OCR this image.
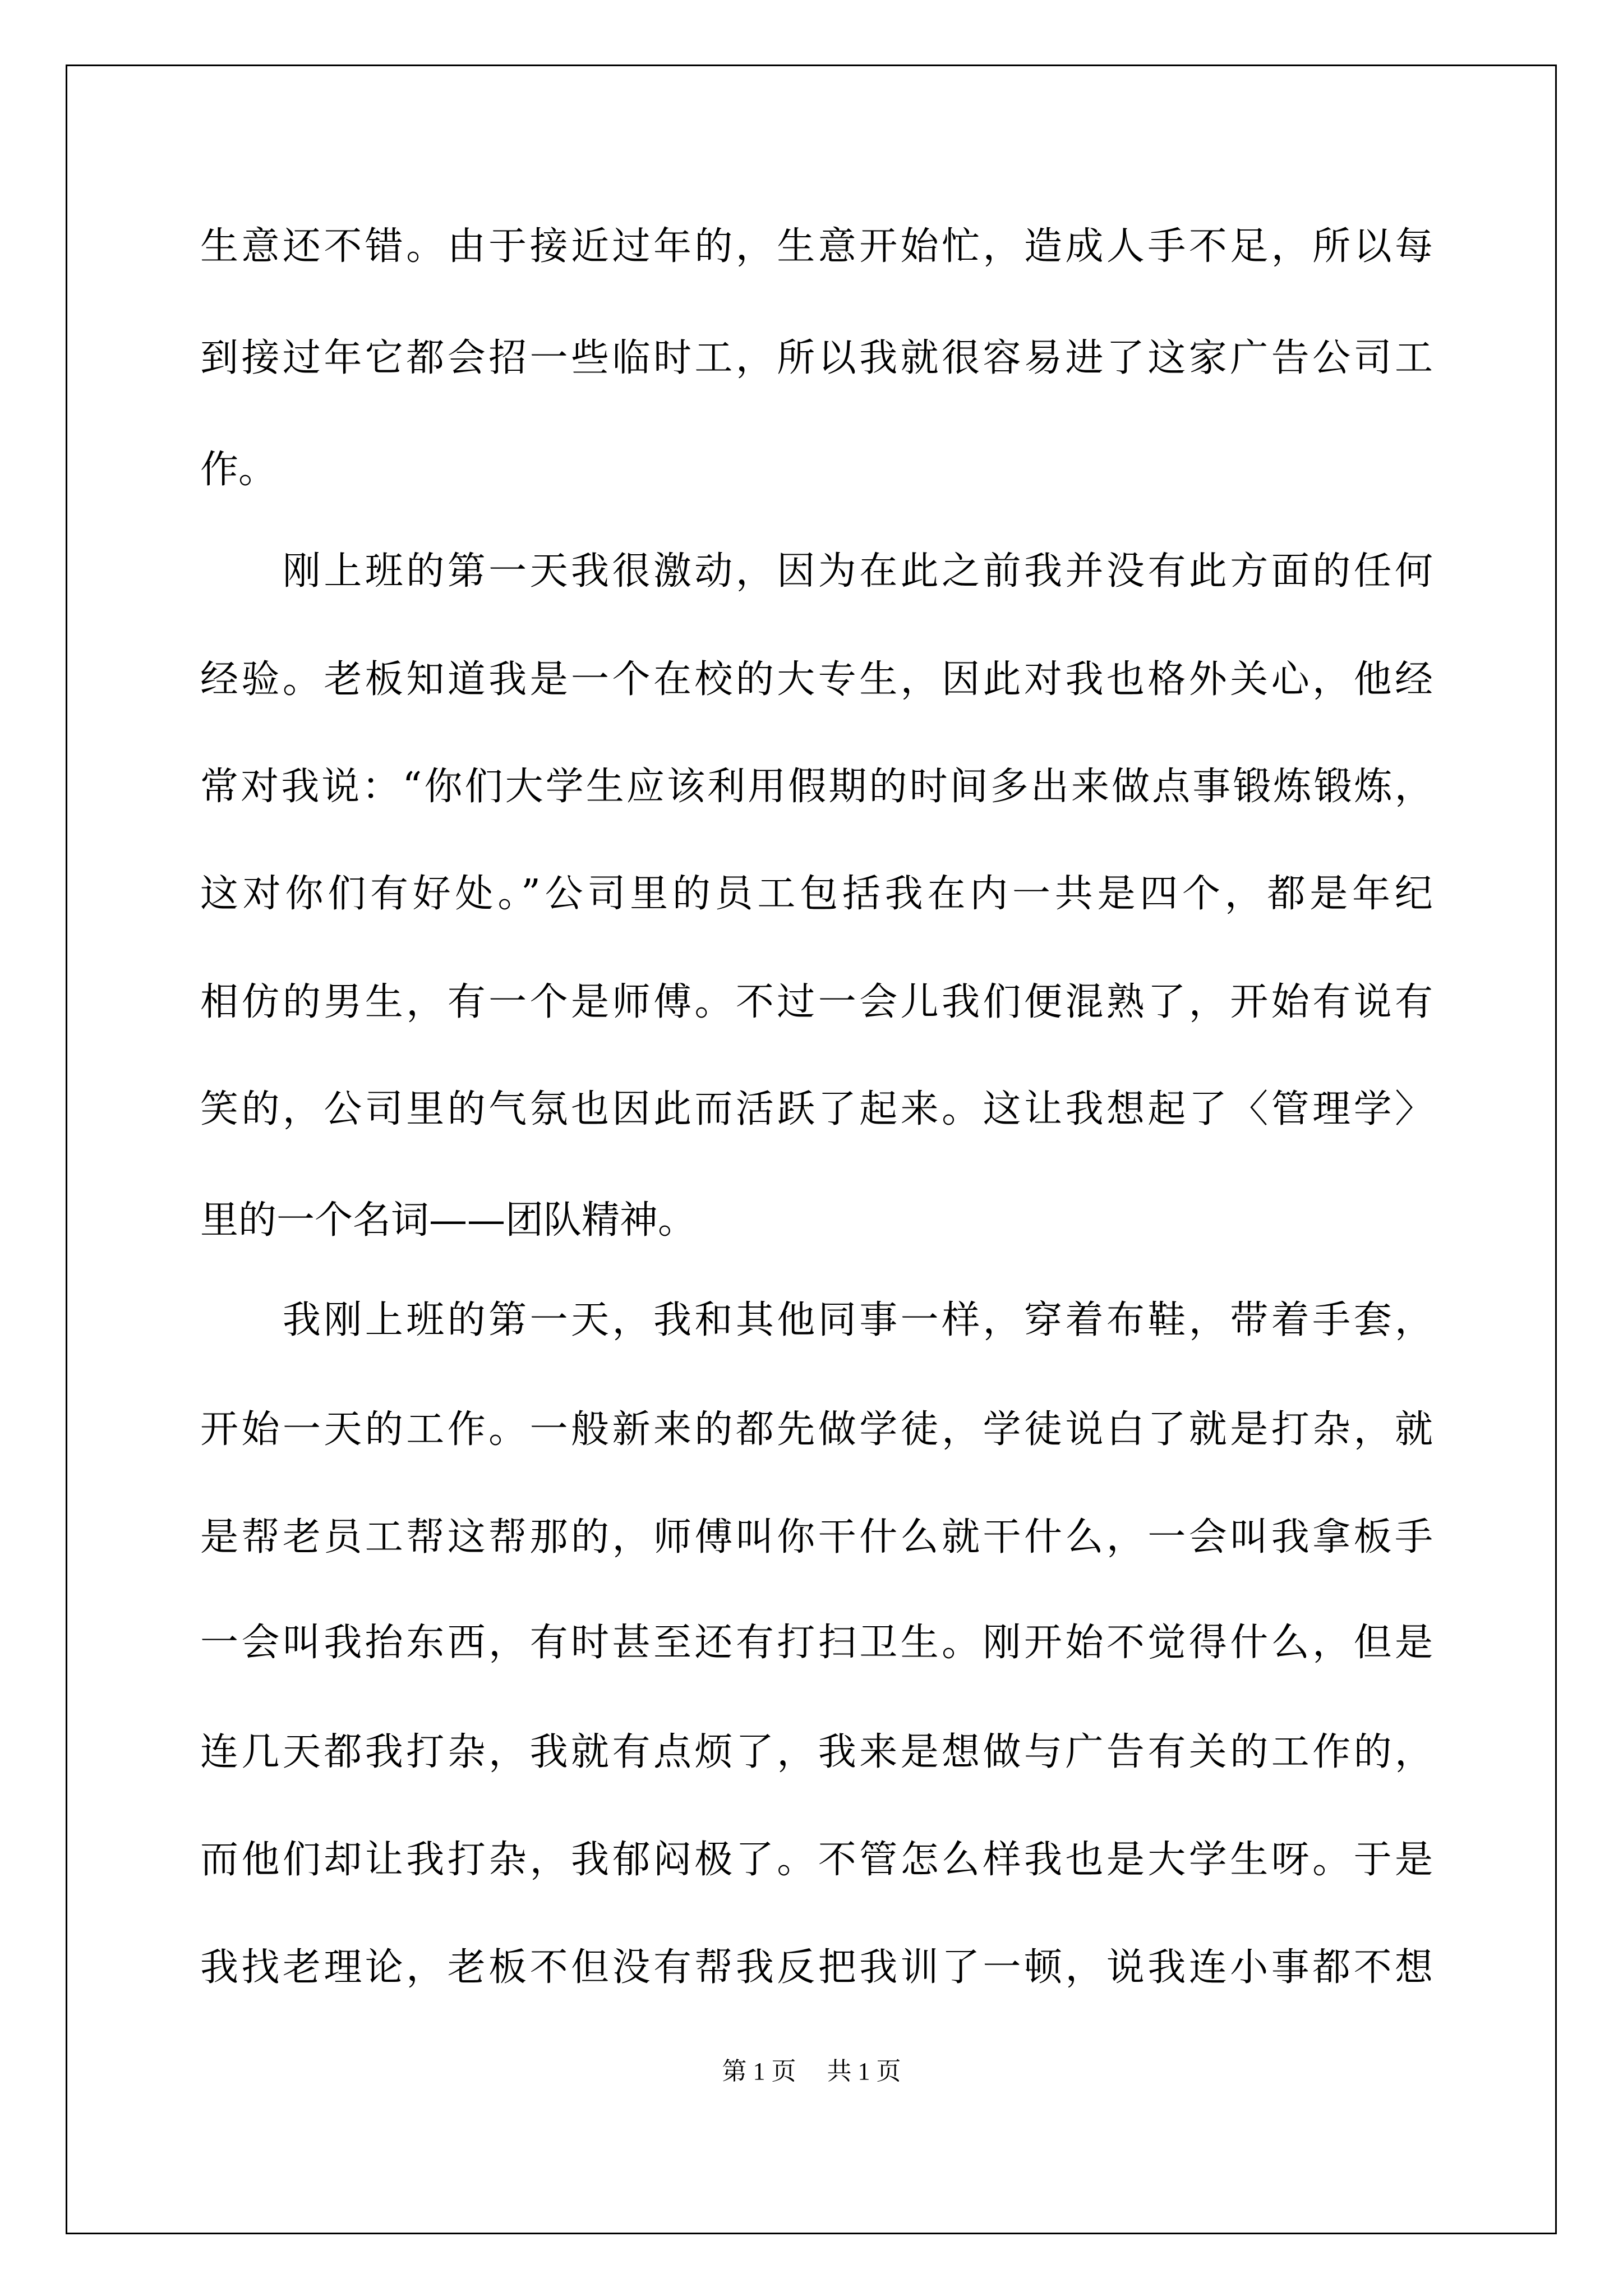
生意还不错。由于接近过年的，生意开始忙，造成人手不足，所以每
到接过年它都会招一些临时工，所以我就很容易进了这家广告公司工
作。
　　刚上班的第一天我很激动，因为在此之前我并没有此方面的任何
经验。老板知道我是一个在校的大专生，因此对我也格外关心，他经
常对我说：“你们大学生应该利用假期的时间多出来做点事锻炼锻炼，
这对你们有好处。”公司里的员工包括我在内一共是四个，都是年纪
相仿的男生，有一个是师傅。不过一会儿我们便混熟了，开始有说有
笑的，公司里的气氛也因此而活跃了起来。这让我想起了〈管理学〉
里的一个名词——团队精神。
　　我刚上班的第一天，我和其他同事一样，穿着布鞋，带着手套，
开始一天的工作。一般新来的都先做学徒，学徒说白了就是打杂，就
是帮老员工帮这帮那的，师傅叫你干什么就干什么，一会叫我拿板手
一会叫我抬东西，有时甚至还有打扫卫生。刚开始不觉得什么，但是
连几天都我打杂，我就有点烦了，我来是想做与广告有关的工作的，
而他们却让我打杂，我郁闷极了。不管怎么样我也是大学生呀。于是
我找老理论，老板不但没有帮我反把我训了一顿，说我连小事都不想
第 1 页　 共 1 页
